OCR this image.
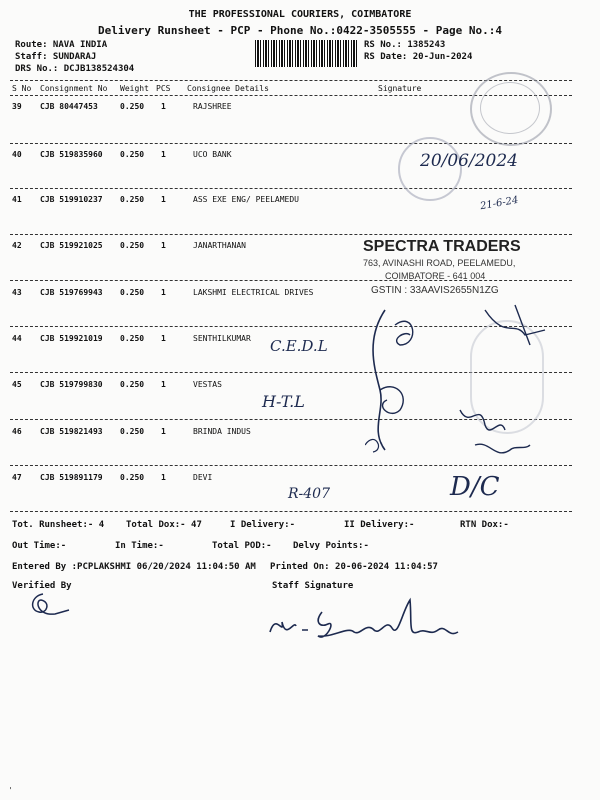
THE PROFESSIONAL COURIERS, COIMBATORE
Delivery Runsheet - PCP - Phone No.:0422-3505555 - Page No.:4
Route: NAVA INDIA
Staff: SUNDARAJ
DRS No.: DCJB138524304
RS No.: 1385243
RS Date: 20-Jun-2024
S No Consignment No Weight PCS Consignee Details	Signature
39 CJB 80447453	0.250 1	RAJSHREE
40 CJB 519835960 0.250 1	UCO BANK
41 CJB 519910237 0.250 1	ASS EXE ENG/ PEELAMEDU
42 CJB 519921025 0.250 1	JANARTHANAN
43 CJB 519769943 0.250 1	LAKSHMI ELECTRICAL DRIVES
44 CJB 519921019 0.250 1	SENTHILKUMAR
45 CJB 519799830 0.250 1	VESTAS
46 CJB 519821493 0.250 1	BRINDA INDUS
47 CJB 519891179 0.250 1	DEVI
20/06/2024
21-6-24
SPECTRA TRADERS
763, AVINASHI ROAD, PEELAMEDU,
COIMBATORE - 641 004
GSTIN : 33AAVIS2655N1ZG
C.E.D.L
H-T.L
R-407	D/C
Tot. Runsheet:- 4 Total Dox:- 47	I Delivery:-	II Delivery:-	RTN Dox:-
Out Time:-	In Time:-	Total POD:- Delvy Points:-
Entered By :PCPLAKSHMI 06/20/2024 11:04:50 AM Printed On: 20-06-2024 11:04:57
Verified By	Staff Signature
'
